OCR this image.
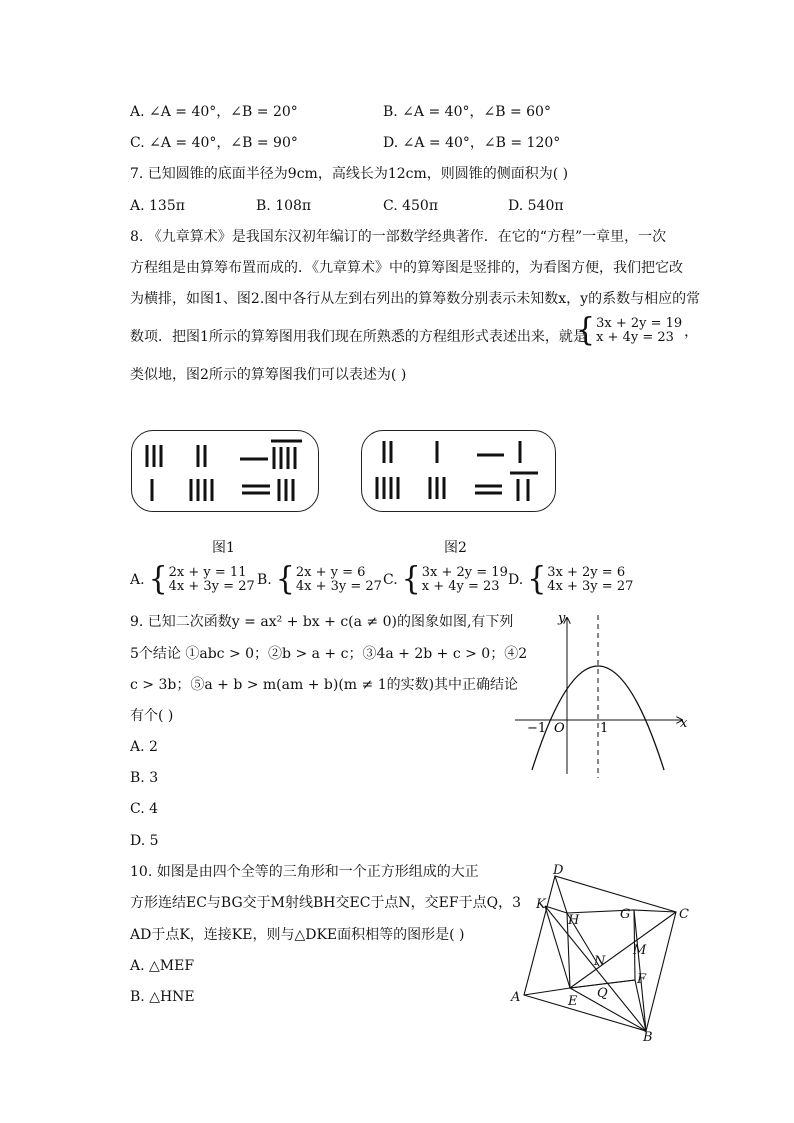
A. ∠A = 40°，∠B = 20°	B. ∠A = 40°，∠B = 60°
C. ∠A = 40°，∠B = 90°	D. ∠A = 40°，∠B = 120°
7. 已知圆锥的底面半径为9cm，高线长为12cm，则圆锥的侧面积为( )
A. 135π	B. 108π	C. 450π	D. 540π
8. 《九章算术》是我国东汉初年编订的一部数学经典著作．在它的“方程”一章里，一次
方程组是由算筹布置而成的．《九章算术》中的算筹图是竖排的，为看图方便，我们把它改
为横排，如图1、图2.图中各行从左到右列出的算筹数分别表示未知数x，y的系数与相应的常
数项．把图1所示的算筹图用我们现在所熟悉的方程组形式表述出来，就是
{ 3x + 2y = 19
x + 4y = 23 ，
类似地，图2所示的算筹图我们可以表述为( )
图1	图2
A. { 2x + y = 11
4x + 3y = 27 B. { 2x + y = 6
4x + 3y = 27 C. { 3x + 2y = 19
x + 4y = 23 D. { 3x + 2y = 6
4x + 3y = 27
9. 已知二次函数y = ax² + bx + c(a ≠ 0)的图象如图,有下列
5个结论 ①abc > 0；②b > a + c；③4a + 2b + c > 0；④2
c > 3b；⑤a + b > m(am + b)(m ≠ 1的实数)其中正确结论
有个( )
A. 2
B. 3
C. 4
D. 5
y
x
O
−1	1
10. 如图是由四个全等的三角形和一个正方形组成的大正
方形连结EC与BG交于M射线BH交EC于点N，交EF于点Q，3
AD于点K，连接KE，则与△DKE面积相等的图形是( )
A. △MEF
B. △HNE
D
K
H	G	C
M
N
F
A	E
Q
B
